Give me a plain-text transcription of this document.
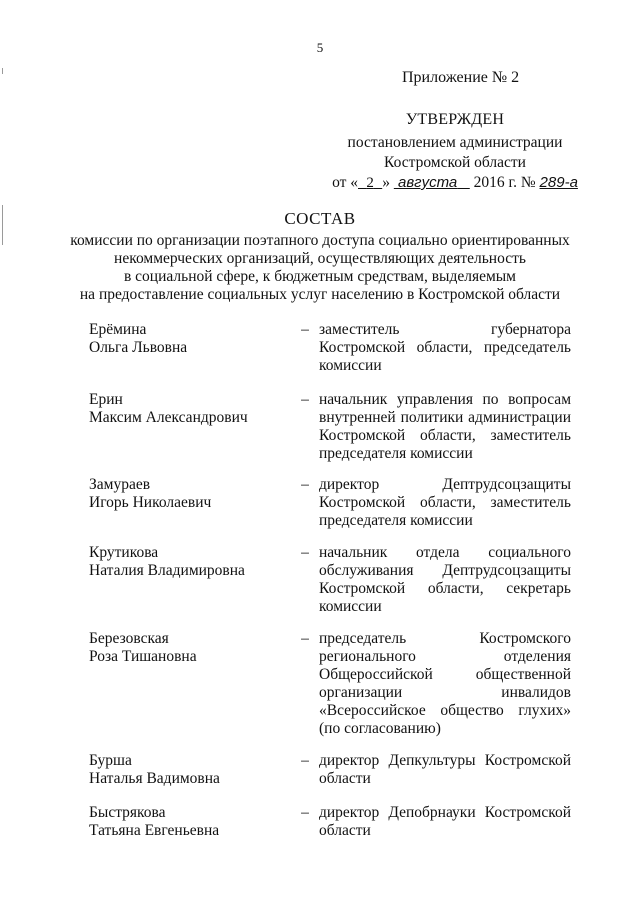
5
Приложение № 2
УТВЕРЖДЕН
постановлением администрации
Костромской области
от « 2 » августа 2016 г. № 289-а
СОСТАВ
комиссии по организации поэтапного доступа социально ориентированных
некоммерческих организаций, осуществляющих деятельность
в социальной сфере, к бюджетным средствам, выделяемым
на предоставление социальных услуг населению в Костромской области
Ерёмина
Ольга Львовна
– заместитель губернатора Костромской области, председатель комиссии
Ерин
Максим Александрович
– начальник управления по вопросам внутренней политики администрации Костромской области, заместитель председателя комиссии
Замураев
Игорь Николаевич
– директор Дептрудсоцзащиты Костромской области, заместитель председателя комиссии
Крутикова
Наталия Владимировна
– начальник отдела социального обслуживания Дептрудсоцзащиты Костромской области, секретарь комиссии
Березовская
Роза Тишановна
– председатель Костромского регионального отделения Общероссийской общественной организации инвалидов «Всероссийское общество глухих» (по согласованию)
Бурша
Наталья Вадимовна
– директор Депкультуры Костромской области
Быстрякова
Татьяна Евгеньевна
– директор Депобрнауки Костромской области
